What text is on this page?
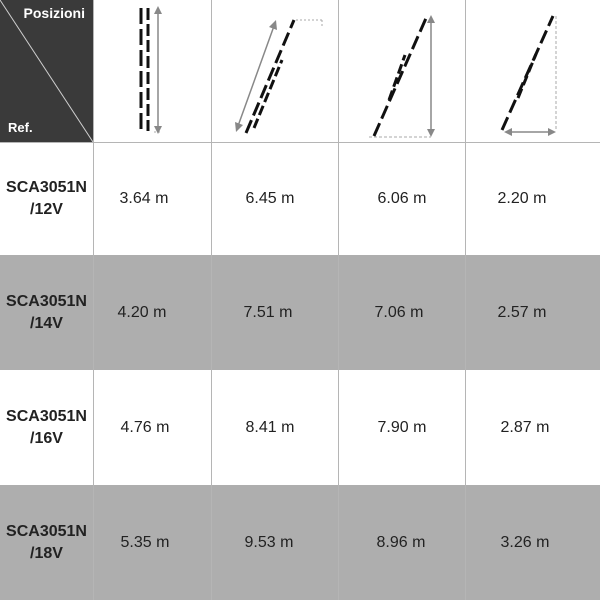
Posizioni
Ref.
SCA3051N
/12V
3.64 m	6.45 m	6.06 m	2.20 m
SCA3051N
/14V
4.20 m	7.51 m	7.06 m	2.57 m
SCA3051N
/16V
4.76 m	8.41 m	7.90 m	2.87 m
SCA3051N
/18V
5.35 m	9.53 m	8.96 m	3.26 m
